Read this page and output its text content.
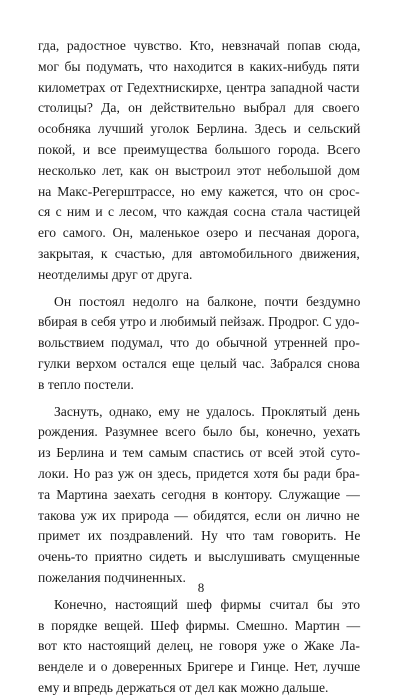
гда, радостное чувство. Кто, невзначай попав сюда,
мог бы подумать, что находится в каких-нибудь пяти
километрах от Гедехтнискирхе, центра западной части
столицы? Да, он действительно выбрал для своего
особняка лучший уголок Берлина. Здесь и сельский
покой, и все преимущества большого города. Всего
несколько лет, как он выстроил этот небольшой дом
на Макс-Регерштрассе, но ему кажется, что он срос-
ся с ним и с лесом, что каждая сосна стала частицей
его самого. Он, маленькое озеро и песчаная дорога,
закрытая, к счастью, для автомобильного движения,
неотделимы друг от друга.
Он постоял недолго на балконе, почти бездумно
вбирая в себя утро и любимый пейзаж. Продрог. С удо-
вольствием подумал, что до обычной утренней про-
гулки верхом остался еще целый час. Забрался снова
в тепло постели.
Заснуть, однако, ему не удалось. Проклятый день
рождения. Разумнее всего было бы, конечно, уехать
из Берлина и тем самым спастись от всей этой суто-
локи. Но раз уж он здесь, придется хотя бы ради бра-
та Мартина заехать сегодня в контору. Служащие —
такова уж их природа — обидятся, если он лично не
примет их поздравлений. Ну что там говорить. Не
очень-то приятно сидеть и выслушивать смущенные
пожелания подчиненных.
Конечно, настоящий шеф фирмы считал бы это
в порядке вещей. Шеф фирмы. Смешно. Мартин —
вот кто настоящий делец, не говоря уже о Жаке Ла-
венделе и о доверенных Бригере и Гинце. Нет, лучше
ему и впредь держаться от дел как можно дальше.
8
